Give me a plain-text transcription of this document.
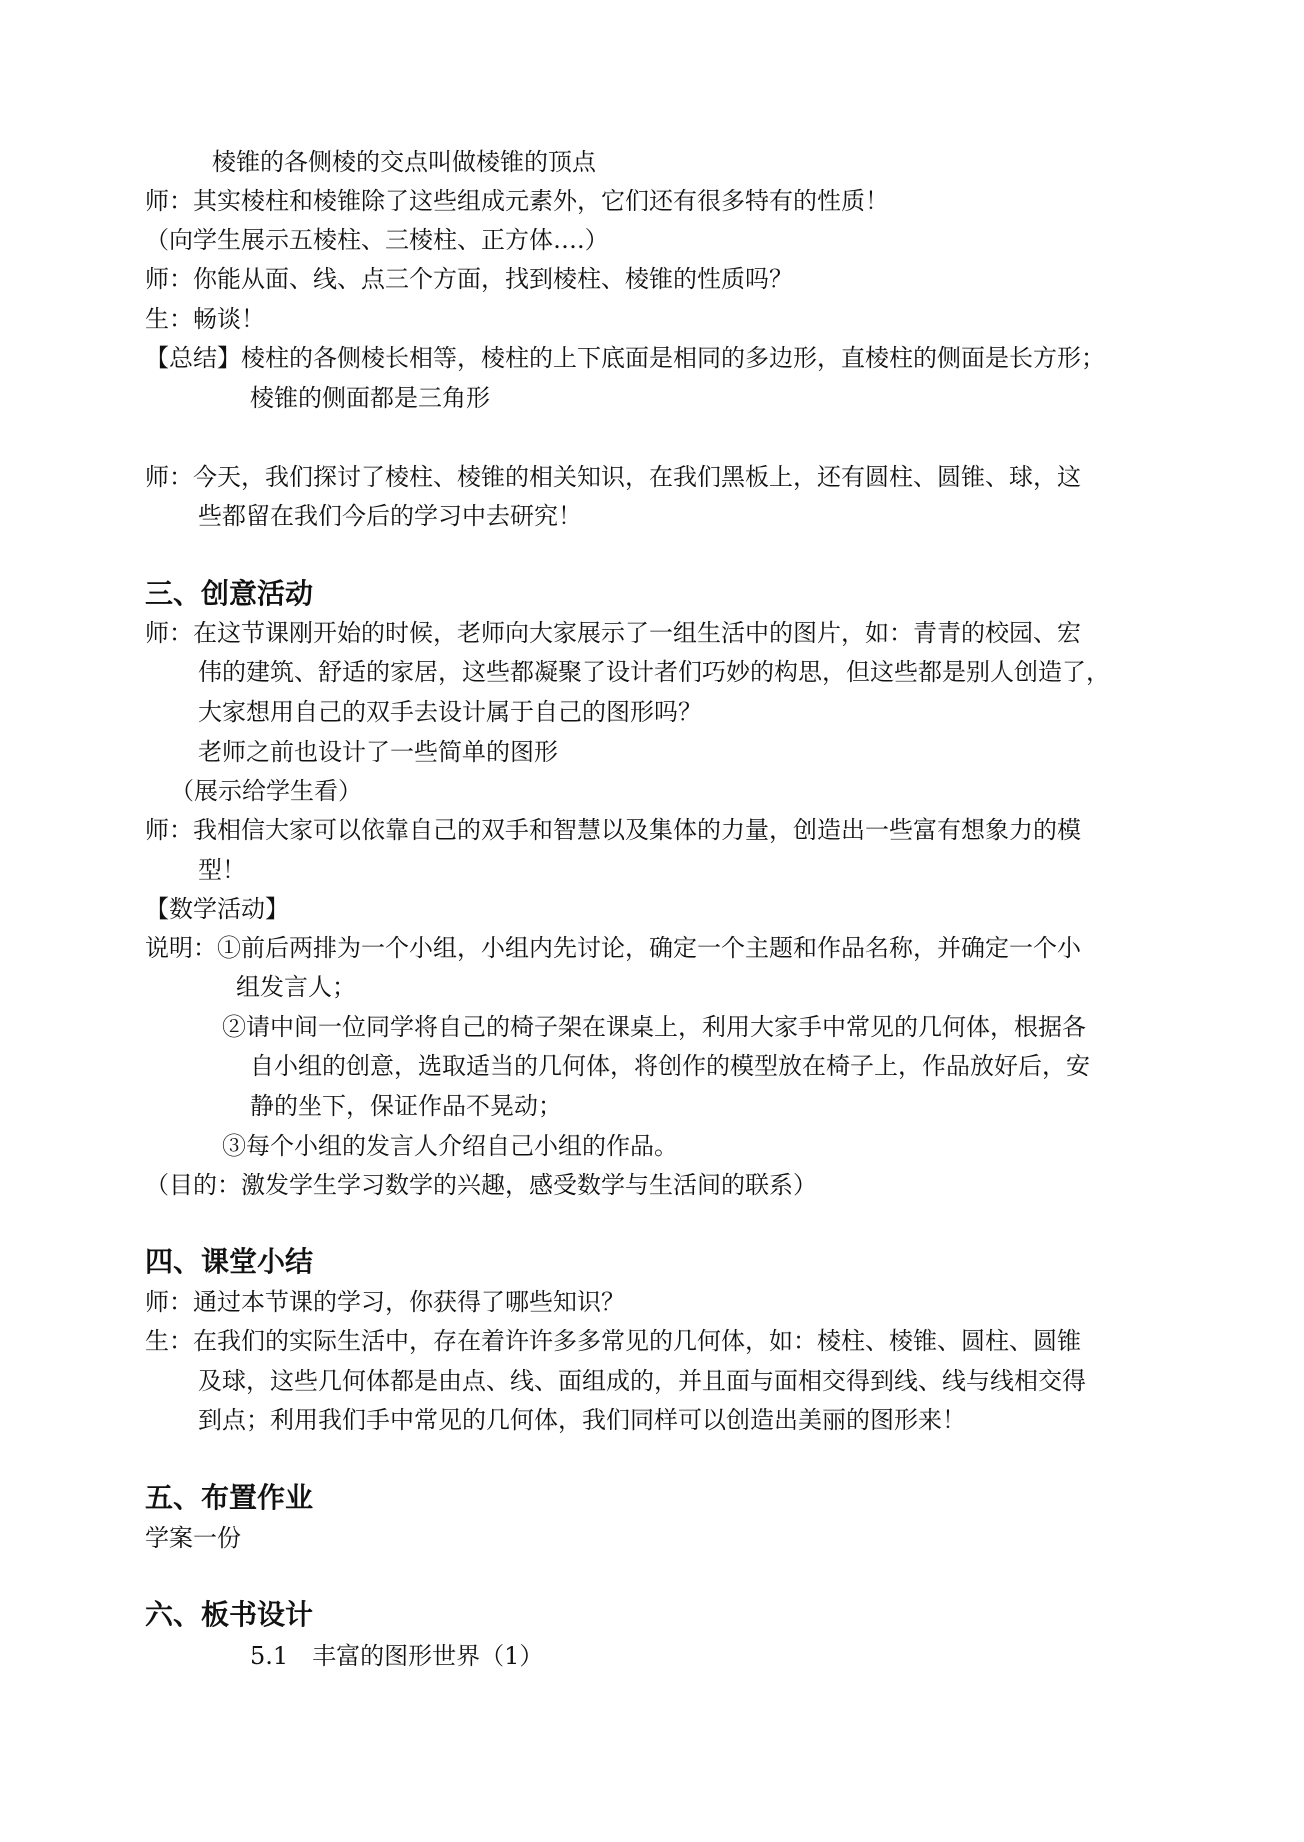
棱锥的各侧棱的交点叫做棱锥的顶点
师：其实棱柱和棱锥除了这些组成元素外，它们还有很多特有的性质！
（向学生展示五棱柱、三棱柱、正方体….）
师：你能从面、线、点三个方面，找到棱柱、棱锥的性质吗？
生：畅谈！
【总结】棱柱的各侧棱长相等，棱柱的上下底面是相同的多边形，直棱柱的侧面是长方形；
棱锥的侧面都是三角形
师：今天，我们探讨了棱柱、棱锥的相关知识，在我们黑板上，还有圆柱、圆锥、球，这
些都留在我们今后的学习中去研究！
三、创意活动
师：在这节课刚开始的时候，老师向大家展示了一组生活中的图片，如：青青的校园、宏
伟的建筑、舒适的家居，这些都凝聚了设计者们巧妙的构思，但这些都是别人创造了，
大家想用自己的双手去设计属于自己的图形吗？
老师之前也设计了一些简单的图形
（展示给学生看）
师：我相信大家可以依靠自己的双手和智慧以及集体的力量，创造出一些富有想象力的模
型！
【数学活动】
说明：①前后两排为一个小组，小组内先讨论，确定一个主题和作品名称，并确定一个小
组发言人；
②请中间一位同学将自己的椅子架在课桌上，利用大家手中常见的几何体，根据各
自小组的创意，选取适当的几何体，将创作的模型放在椅子上，作品放好后，安
静的坐下，保证作品不晃动；
③每个小组的发言人介绍自己小组的作品。
（目的：激发学生学习数学的兴趣，感受数学与生活间的联系）
四、课堂小结
师：通过本节课的学习，你获得了哪些知识？
生：在我们的实际生活中，存在着许许多多常见的几何体，如：棱柱、棱锥、圆柱、圆锥
及球，这些几何体都是由点、线、面组成的，并且面与面相交得到线、线与线相交得
到点；利用我们手中常见的几何体，我们同样可以创造出美丽的图形来！
五、布置作业
学案一份
六、板书设计
5.1　丰富的图形世界（1）
